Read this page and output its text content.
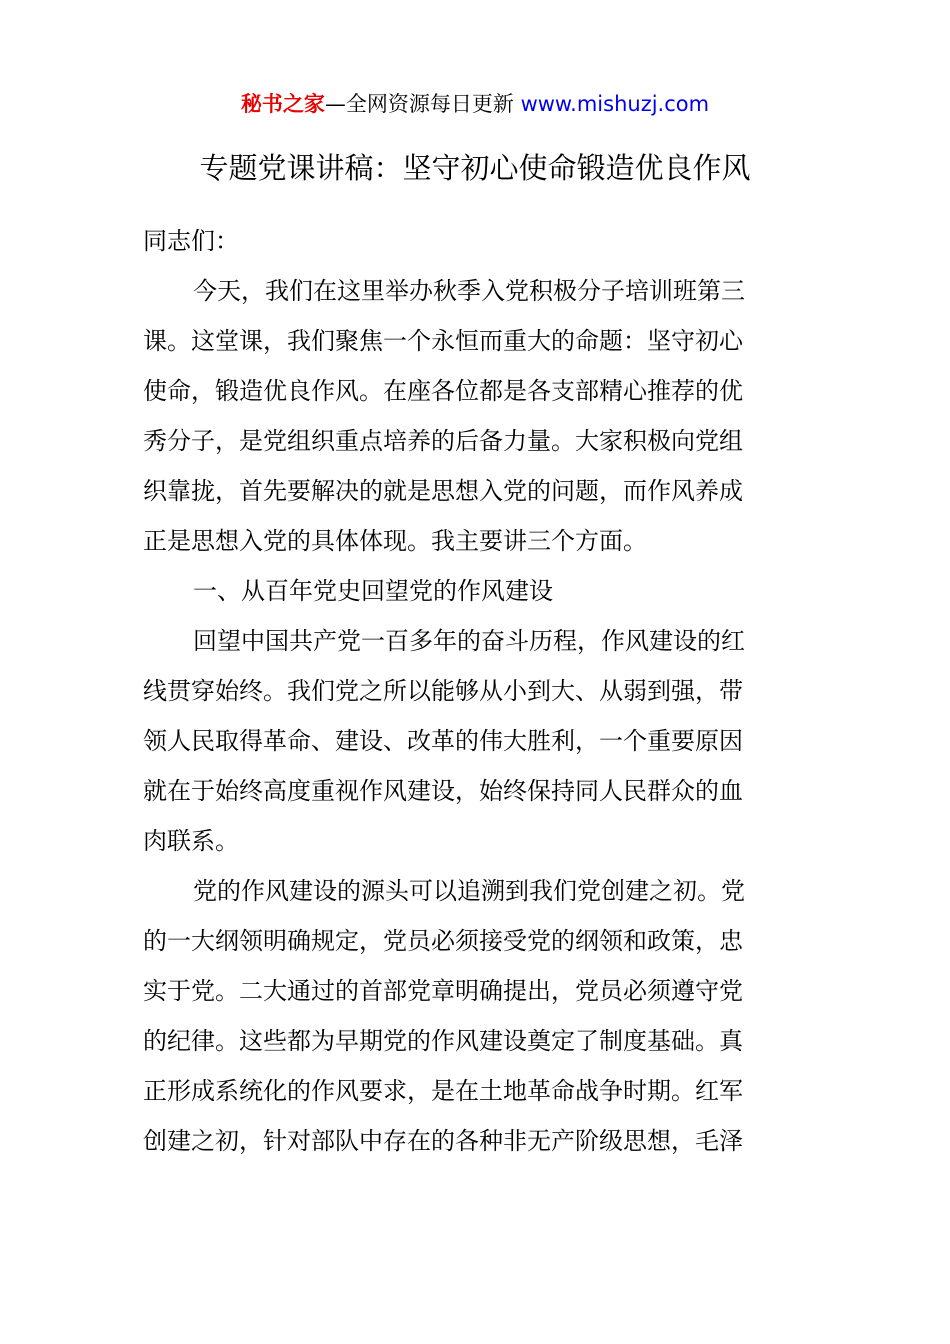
秘书之家—全网资源每日更新 www.mishuzj.com
专题党课讲稿：坚守初心使命锻造优良作风
同志们：
今天，我们在这里举办秋季入党积极分子培训班第三
课。这堂课，我们聚焦一个永恒而重大的命题：坚守初心
使命，锻造优良作风。在座各位都是各支部精心推荐的优
秀分子，是党组织重点培养的后备力量。大家积极向党组
织靠拢，首先要解决的就是思想入党的问题，而作风养成
正是思想入党的具体体现。我主要讲三个方面。
一、从百年党史回望党的作风建设
回望中国共产党一百多年的奋斗历程，作风建设的红
线贯穿始终。我们党之所以能够从小到大、从弱到强，带
领人民取得革命、建设、改革的伟大胜利，一个重要原因
就在于始终高度重视作风建设，始终保持同人民群众的血
肉联系。
党的作风建设的源头可以追溯到我们党创建之初。党
的一大纲领明确规定，党员必须接受党的纲领和政策，忠
实于党。二大通过的首部党章明确提出，党员必须遵守党
的纪律。这些都为早期党的作风建设奠定了制度基础。真
正形成系统化的作风要求，是在土地革命战争时期。红军
创建之初，针对部队中存在的各种非无产阶级思想，毛泽
